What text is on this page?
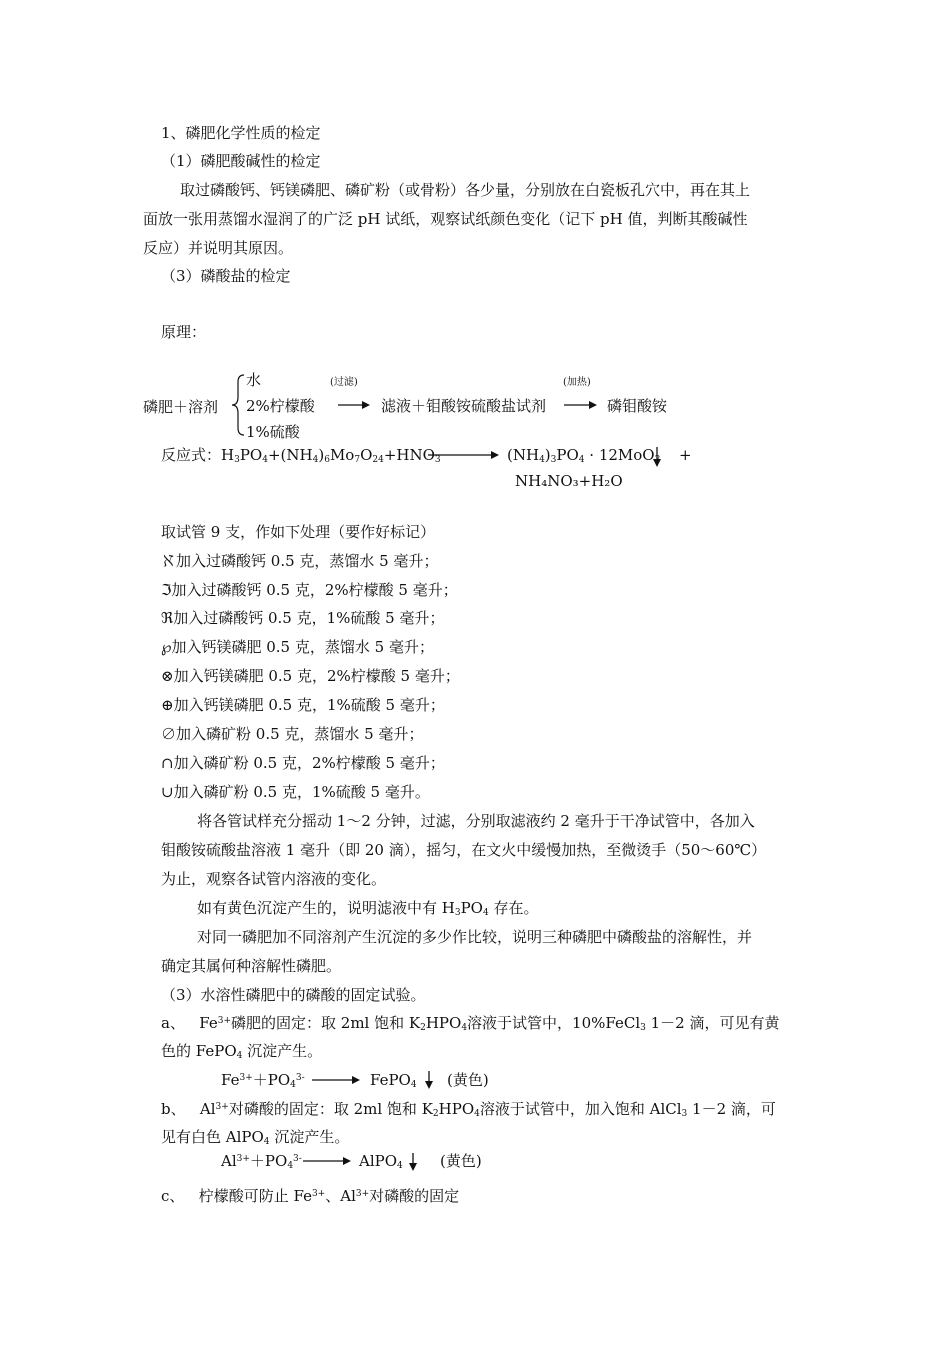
1、磷肥化学性质的检定
（1）磷肥酸碱性的检定
取过磷酸钙、钙镁磷肥、磷矿粉（或骨粉）各少量，分别放在白瓷板孔穴中，再在其上
面放一张用蒸馏水湿润了的广泛 pH 试纸，观察试纸颜色变化（记下 pH 值，判断其酸碱性
反应）并说明其原因。
（3）磷酸盐的检定
原理：
磷肥＋溶剂
水
2%柠檬酸
1%硫酸
(过滤)	(加热)
滤液＋钼酸铵硫酸盐试剂	磷钼酸铵
反应式：$H_3PO_4+(NH_4)_6Mo_7O_{24}+HNO_3$	$(NH_4)_3PO_4 \cdot 12MoO_3$ +
NH₄NO₃+H₂O
取试管 9 支，作如下处理（要作好标记）
ℵ加入过磷酸钙 0.5 克，蒸馏水 5 毫升；
ℑ加入过磷酸钙 0.5 克，2%柠檬酸 5 毫升；
ℜ加入过磷酸钙 0.5 克，1%硫酸 5 毫升；
℘加入钙镁磷肥 0.5 克，蒸馏水 5 毫升；
⊗加入钙镁磷肥 0.5 克，2%柠檬酸 5 毫升；
⊕加入钙镁磷肥 0.5 克，1%硫酸 5 毫升；
∅加入磷矿粉 0.5 克，蒸馏水 5 毫升；
∩加入磷矿粉 0.5 克，2%柠檬酸 5 毫升；
∪加入磷矿粉 0.5 克，1%硫酸 5 毫升。
将各管试样充分摇动 1～2 分钟，过滤，分别取滤液约 2 毫升于干净试管中，各加入
钼酸铵硫酸盐溶液 1 毫升（即 20 滴），摇匀，在文火中缓慢加热，至微烫手（50～60℃）
为止，观察各试管内溶液的变化。
如有黄色沉淀产生的，说明滤液中有 $H_3PO_4$ 存在。
对同一磷肥加不同溶剂产生沉淀的多少作比较，说明三种磷肥中磷酸盐的溶解性，并
确定其属何种溶解性磷肥。
（3）水溶性磷肥中的磷酸的固定试验。
a、   $Fe^{3+}$磷肥的固定：取 2ml 饱和 $K_2HPO_4$溶液于试管中，10%FeCl$_3$ 1－2 滴，可见有黄
色的 FePO$_4$ 沉淀产生。
$Fe^{3+}+PO_4^{3-}$	FePO$_4$ (黄色)
b、   $Al^{3+}$对磷酸的固定：取 2ml 饱和 $K_2HPO_4$溶液于试管中，加入饱和 AlCl$_3$ 1－2 滴，可
见有白色 AlPO$_4$ 沉淀产生。
$Al^{3+}+PO_4^{3-}$	AlPO$_4$ (黄色)
c、 柠檬酸可防止 $Fe^{3+}$、$Al^{3+}$对磷酸的固定
